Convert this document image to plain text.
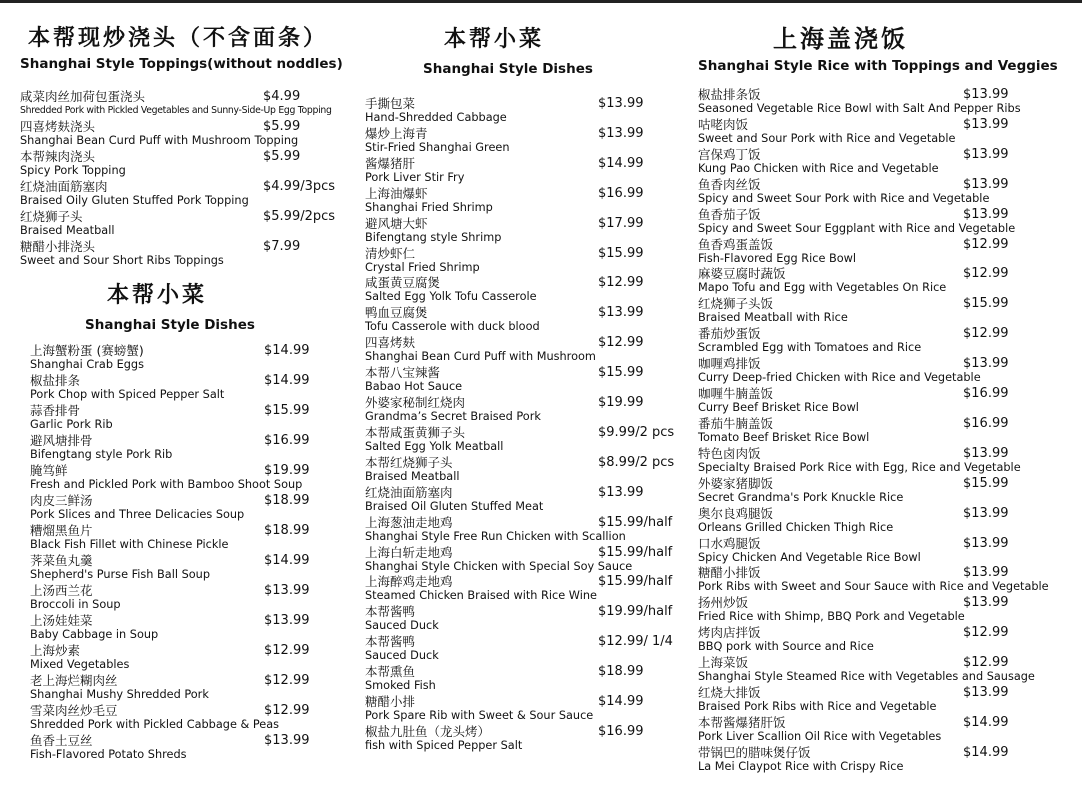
本帮现炒浇头（不含面条）
Shanghai Style Toppings(without noddles)
咸菜肉丝加荷包蛋浇头
Shredded Pork with Pickled Vegetables and Sunny-Side-Up Egg Topping
$4.99
四喜烤麸浇头
Shanghai Bean Curd Puff with Mushroom Topping
$5.99
本帮辣肉浇头
Spicy Pork Topping
$5.99
红烧油面筋塞肉
Braised Oily Gluten Stuffed Pork Topping
$4.99/3pcs
红烧狮子头
Braised Meatball
$5.99/2pcs
糖醋小排浇头
Sweet and Sour Short Ribs Toppings
$7.99
本帮小菜
Shanghai Style Dishes
上海蟹粉蛋 (赛螃蟹)
Shanghai Crab Eggs
$14.99
椒盐排条
Pork Chop with Spiced Pepper Salt
$14.99
蒜香排骨
Garlic Pork Rib
$15.99
避风塘排骨
Bifengtang style Pork Rib
$16.99
腌笃鲜
Fresh and Pickled Pork with Bamboo Shoot Soup
$19.99
肉皮三鲜汤
Pork Slices and Three Delicacies Soup
$18.99
糟熘黑鱼片
Black Fish Fillet with Chinese Pickle
$18.99
荠菜鱼丸羹
Shepherd's Purse Fish Ball Soup
$14.99
上汤西兰花
Broccoli in Soup
$13.99
上汤娃娃菜
Baby Cabbage in Soup
$13.99
上海炒素
Mixed Vegetables
$12.99
老上海烂糊肉丝
Shanghai Mushy Shredded Pork
$12.99
雪菜肉丝炒毛豆
Shredded Pork with Pickled Cabbage & Peas
$12.99
鱼香土豆丝
Fish-Flavored Potato Shreds
$13.99
本帮小菜
Shanghai Style Dishes
手撕包菜
Hand-Shredded Cabbage
$13.99
爆炒上海青
Stir-Fried Shanghai Green
$13.99
酱爆猪肝
Pork Liver Stir Fry
$14.99
上海油爆虾
Shanghai Fried Shrimp
$16.99
避风塘大虾
Bifengtang style Shrimp
$17.99
清炒虾仁
Crystal Fried Shrimp
$15.99
咸蛋黄豆腐煲
Salted Egg Yolk Tofu Casserole
$12.99
鸭血豆腐煲
Tofu Casserole with duck blood
$13.99
四喜烤麸
Shanghai Bean Curd Puff with Mushroom
$12.99
本帮八宝辣酱
Babao Hot Sauce
$15.99
外婆家秘制红烧肉
Grandma’s Secret Braised Pork
$19.99
本帮咸蛋黄狮子头
Salted Egg Yolk Meatball
$9.99/2 pcs
本帮红烧狮子头
Braised Meatball
$8.99/2 pcs
红烧油面筋塞肉
Braised Oil Gluten Stuffed Meat
$13.99
上海葱油走地鸡
Shanghai Style Free Run Chicken with Scallion
$15.99/half
上海白斩走地鸡
Shanghai Style Chicken with Special Soy Sauce
$15.99/half
上海醉鸡走地鸡
Steamed Chicken Braised with Rice Wine
$15.99/half
本帮酱鸭
Sauced Duck
$19.99/half
本帮酱鸭
Sauced Duck
$12.99/ 1/4
本帮熏鱼
Smoked Fish
$18.99
糖醋小排
Pork Spare Rib with Sweet & Sour Sauce
$14.99
椒盐九肚鱼（龙头烤）
fish with Spiced Pepper Salt
$16.99
上海盖浇饭
Shanghai Style Rice with Toppings and Veggies
椒盐排条饭
Seasoned Vegetable Rice Bowl with Salt And Pepper Ribs
$13.99
咕咾肉饭
Sweet and Sour Pork with Rice and Vegetable
$13.99
宫保鸡丁饭
Kung Pao Chicken with Rice and Vegetable
$13.99
鱼香肉丝饭
Spicy and Sweet Sour Pork with Rice and Vegetable
$13.99
鱼香茄子饭
Spicy and Sweet Sour Eggplant with Rice and Vegetable
$13.99
鱼香鸡蛋盖饭
Fish-Flavored Egg Rice Bowl
$12.99
麻婆豆腐时蔬饭
Mapo Tofu and Egg with Vegetables On Rice
$12.99
红烧狮子头饭
Braised Meatball with Rice
$15.99
番茄炒蛋饭
Scrambled Egg with Tomatoes and Rice
$12.99
咖喱鸡排饭
Curry Deep-fried Chicken with Rice and Vegetable
$13.99
咖喱牛腩盖饭
Curry Beef Brisket Rice Bowl
$16.99
番茄牛腩盖饭
Tomato Beef Brisket Rice Bowl
$16.99
特色卤肉饭
Specialty Braised Pork Rice with Egg, Rice and Vegetable
$13.99
外婆家猪脚饭
Secret Grandma's Pork Knuckle Rice
$15.99
奥尔良鸡腿饭
Orleans Grilled Chicken Thigh Rice
$13.99
口水鸡腿饭
Spicy Chicken And Vegetable Rice Bowl
$13.99
糖醋小排饭
Pork Ribs with Sweet and Sour Sauce with Rice and Vegetable
$13.99
扬州炒饭
Fried Rice with Shimp, BBQ Pork and Vegetable
$13.99
烤肉店拌饭
BBQ pork with Source and Rice
$12.99
上海菜饭
Shanghai Style Steamed Rice with Vegetables and Sausage
$12.99
红烧大排饭
Braised Pork Ribs with Rice and Vegetable
$13.99
本帮酱爆猪肝饭
Pork Liver Scallion Oil Rice with Vegetables
$14.99
带锅巴的腊味煲仔饭
La Mei Claypot Rice with Crispy Rice
$14.99
